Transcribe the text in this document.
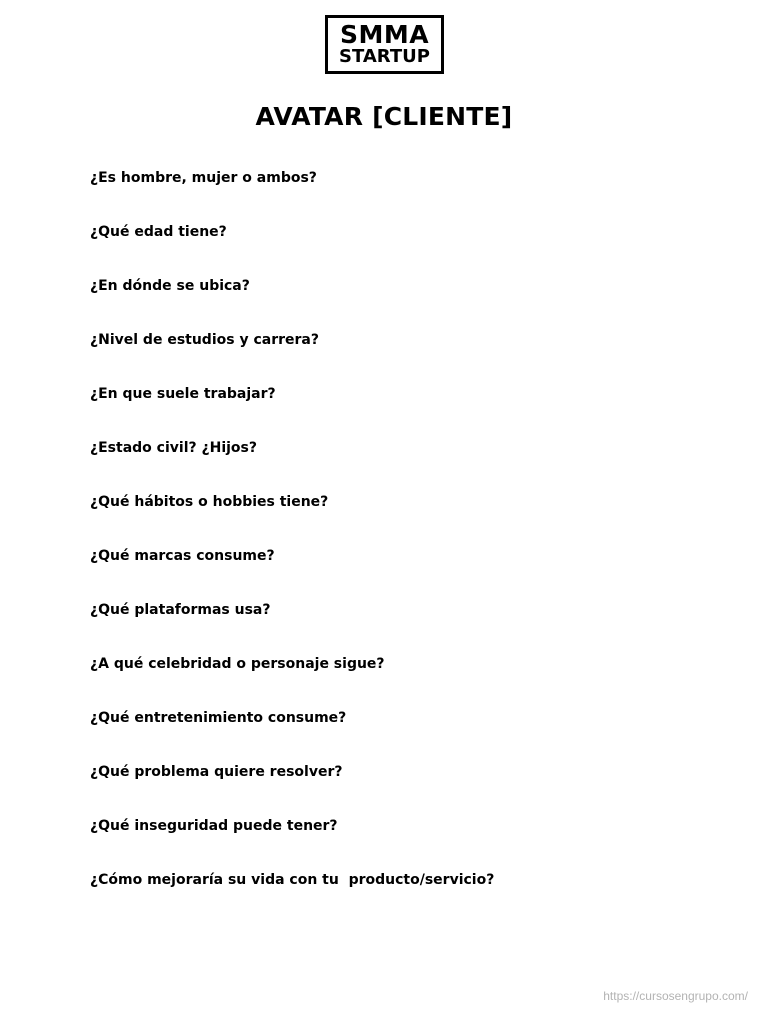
SMMA
STARTUP
AVATAR [CLIENTE]
¿Es hombre, mujer o ambos?
¿Qué edad tiene?
¿En dónde se ubica?
¿Nivel de estudios y carrera?
¿En que suele trabajar?
¿Estado civil? ¿Hijos?
¿Qué hábitos o hobbies tiene?
¿Qué marcas consume?
¿Qué plataformas usa?
¿A qué celebridad o personaje sigue?
¿Qué entretenimiento consume?
¿Qué problema quiere resolver?
¿Qué inseguridad puede tener?
¿Cómo mejoraría su vida con tu  producto/servicio?
https://cursosengrupo.com/
